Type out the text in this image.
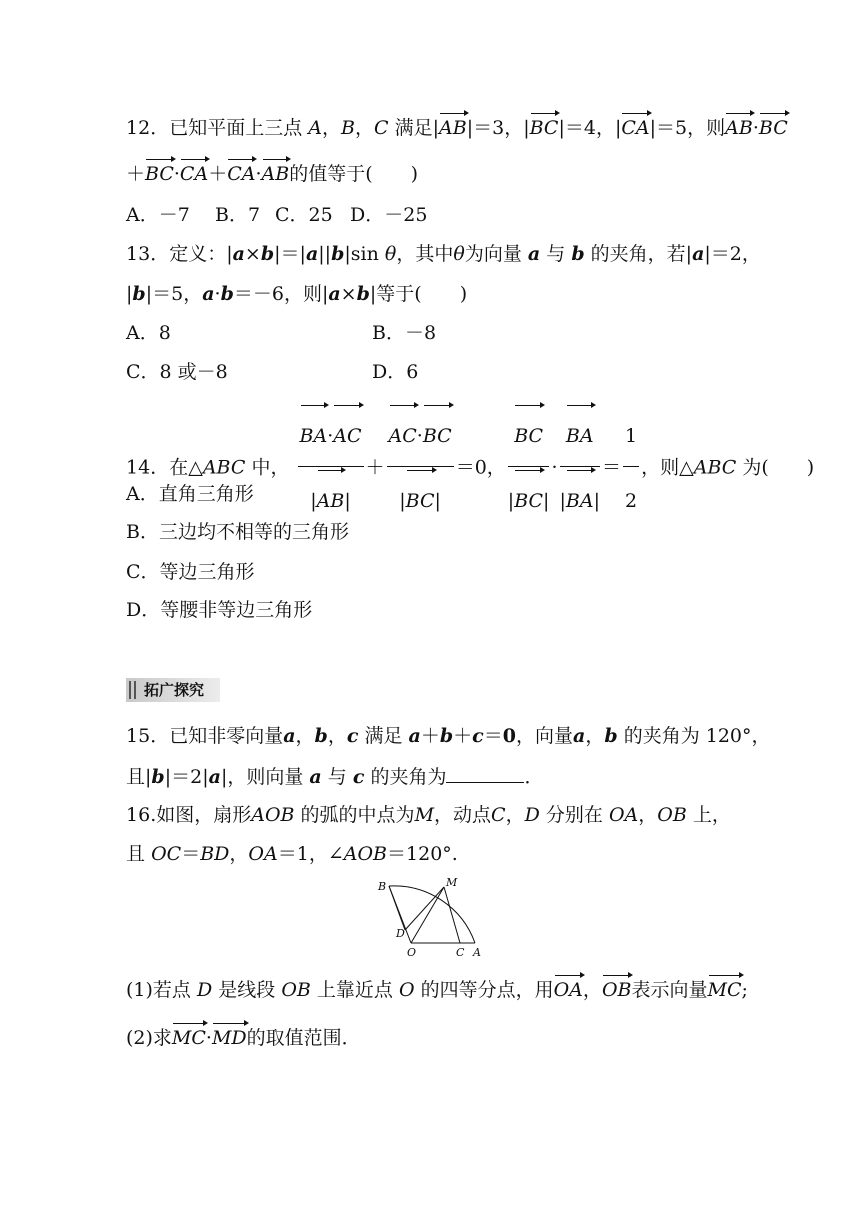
12．已知平面上三点 A，B，C 满足|AB|＝3，|BC|＝4，|CA|＝5，则AB·BC
＋BC·CA＋CA·AB的值等于(　　)
A．－7 B．7 C．25 D．－25
13．定义：|a×b|＝|a||b|sin θ，其中θ为向量 a 与 b 的夹角，若|a|＝2，
|b|＝5，a·b＝－6，则|a×b|等于(　　)
A．8	B．－8
C．8 或－8	D．6
14．在△ABC 中， $\frac{BA\cdot AC}{|AB|} + \frac{AC\cdot BC}{|BC|} =0$， $\frac{BC}{|BC|} \cdot \frac{BA}{|BA|} = \frac{1}{2}$ ，则△ABC 为(　　)
A．直角三角形
B．三边均不相等的三角形
C．等边三角形
D．等腰非等边三角形
拓广探究
15．已知非零向量a，b，c 满足 a＋b＋c＝0，向量a，b 的夹角为 120°，
且|b|＝2|a|，则向量 a 与 c 的夹角为	．
16.如图，扇形AOB 的弧的中点为M，动点C，D 分别在 OA，OB 上，
且 OC＝BD，OA＝1，∠AOB＝120°.
B	M
D
O	C A
(1)若点 D 是线段 OB 上靠近点 O 的四等分点，用OA，OB表示向量MC;
(2)求MC·MD的取值范围．
